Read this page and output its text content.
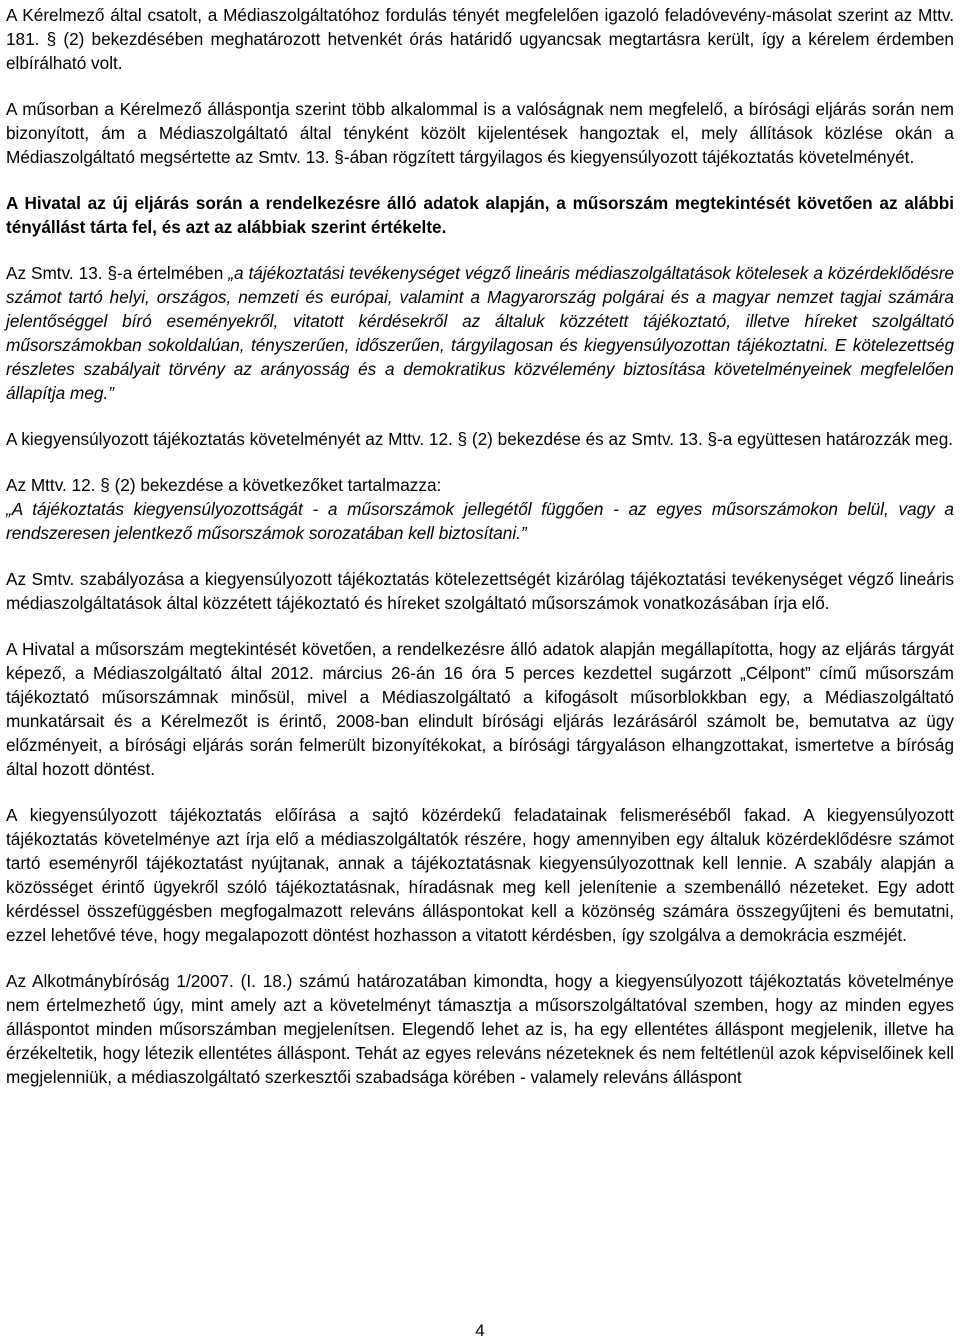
A Kérelmező által csatolt, a Médiaszolgáltatóhoz fordulás tényét megfelelően igazoló feladóvevény-másolat szerint az Mttv. 181. § (2) bekezdésében meghatározott hetvenkét órás határidő ugyancsak megtartásra került, így a kérelem érdemben elbírálható volt.

A műsorban a Kérelmező álláspontja szerint több alkalommal is a valóságnak nem megfelelő, a bírósági eljárás során nem bizonyított, ám a Médiaszolgáltató által tényként közölt kijelentések hangoztak el, mely állítások közlése okán a Médiaszolgáltató megsértette az Smtv. 13. §-ában rögzített tárgyilagos és kiegyensúlyozott tájékoztatás követelményét.

A Hivatal az új eljárás során a rendelkezésre álló adatok alapján, a műsorszám megtekintését követően az alábbi tényállást tárta fel, és azt az alábbiak szerint értékelte.

Az Smtv. 13. §-a értelmében „a tájékoztatási tevékenységet végző lineáris médiaszolgáltatások kötelesek a közérdeklődésre számot tartó helyi, országos, nemzeti és európai, valamint a Magyarország polgárai és a magyar nemzet tagjai számára jelentőséggel bíró eseményekről, vitatott kérdésekről az általuk közzétett tájékoztató, illetve híreket szolgáltató műsorszámokban sokoldalúan, tényszerűen, időszerűen, tárgyilagosan és kiegyensúlyozottan tájékoztatni. E kötelezettség részletes szabályait törvény az arányosság és a demokratikus közvélemény biztosítása követelményeinek megfelelően állapítja meg.”

A kiegyensúlyozott tájékoztatás követelményét az Mttv. 12. § (2) bekezdése és az Smtv. 13. §-a együttesen határozzák meg.

Az Mttv. 12. § (2) bekezdése a következőket tartalmazza:
„A tájékoztatás kiegyensúlyozottságát - a műsorszámok jellegétől függően - az egyes műsorszámokon belül, vagy a rendszeresen jelentkező műsorszámok sorozatában kell biztosítani.”

Az Smtv. szabályozása a kiegyensúlyozott tájékoztatás kötelezettségét kizárólag tájékoztatási tevékenységet végző lineáris médiaszolgáltatások által közzétett tájékoztató és híreket szolgáltató műsorszámok vonatkozásában írja elő.

A Hivatal a műsorszám megtekintését követően, a rendelkezésre álló adatok alapján megállapította, hogy az eljárás tárgyát képező, a Médiaszolgáltató által 2012. március 26-án 16 óra 5 perces kezdettel sugárzott „Célpont” című műsorszám tájékoztató műsorszámnak minősül, mivel a Médiaszolgáltató a kifogásolt műsorblokkban egy, a Médiaszolgáltató munkatársait és a Kérelmezőt is érintő, 2008-ban elindult bírósági eljárás lezárásáról számolt be, bemutatva az ügy előzményeit, a bírósági eljárás során felmerült bizonyítékokat, a bírósági tárgyaláson elhangzottakat, ismertetve a bíróság által hozott döntést.

A kiegyensúlyozott tájékoztatás előírása a sajtó közérdekű feladatainak felismeréséből fakad. A kiegyensúlyozott tájékoztatás követelménye azt írja elő a médiaszolgáltatók részére, hogy amennyiben egy általuk közérdeklődésre számot tartó eseményről tájékoztatást nyújtanak, annak a tájékoztatásnak kiegyensúlyozottnak kell lennie. A szabály alapján a közösséget érintő ügyekről szóló tájékoztatásnak, híradásnak meg kell jelenítenie a szembenálló nézeteket. Egy adott kérdéssel összefüggésben megfogalmazott releváns álláspontokat kell a közönség számára összegyűjteni és bemutatni, ezzel lehetővé téve, hogy megalapozott döntést hozhasson a vitatott kérdésben, így szolgálva a demokrácia eszméjét.

Az Alkotmánybíróság 1/2007. (I. 18.) számú határozatában kimondta, hogy a kiegyensúlyozott tájékoztatás követelménye nem értelmezhető úgy, mint amely azt a követelményt támasztja a műsorszolgáltatóval szemben, hogy az minden egyes álláspontot minden műsorszámban megjelenítsen. Elegendő lehet az is, ha egy ellentétes álláspont megjelenik, illetve ha érzékeltetik, hogy létezik ellentétes álláspont. Tehát az egyes releváns nézeteknek és nem feltétlenül azok képviselőinek kell megjelenniük, a médiaszolgáltató szerkesztői szabadsága körében - valamely releváns álláspont

4
